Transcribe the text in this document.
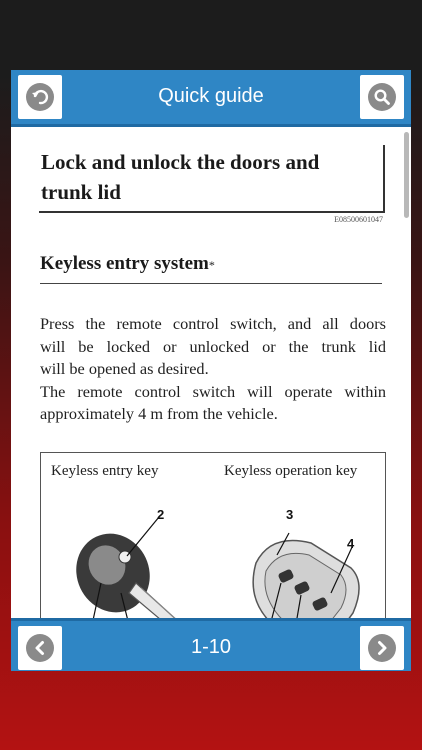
Quick guide
Lock and unlock the doors and
trunk lid
E08500601047
Keyless entry system*
Press the remote control switch, and all doors
will be locked or unlocked or the trunk lid
will be opened as desired.
The remote control switch will operate within
approximately 4 m from the vehicle.
Keyless entry key	Keyless operation key
2	3
4
1-10
